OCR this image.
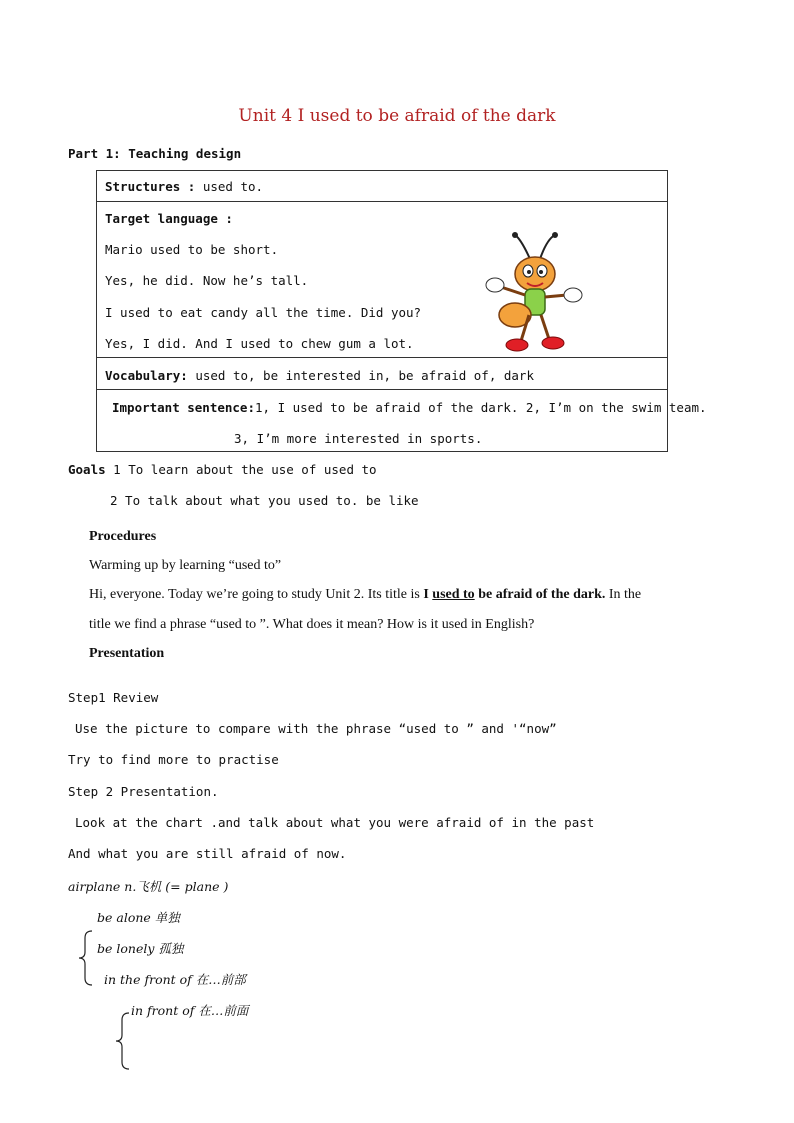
Unit 4 I used to be afraid of the dark
Part 1: Teaching design
Structures : used to.
Target language :
Mario used to be short.
Yes, he did. Now he’s tall.
I used to eat candy all the time. Did you?
Yes, I did. And I used to chew gum a lot.
Vocabulary: used to, be interested in, be afraid of, dark
Important sentence:1, I used to be afraid of the dark. 2, I’m on the swim team.
3, I’m more interested in sports.
Goals 1 To learn about the use of used to
2 To talk about what you used to. be like
Procedures
Warming up by learning “used to”
Hi, everyone. Today we’re going to study Unit 2. Its title is I used to be afraid of the dark. In the
title we find a phrase “used to ”. What does it mean? How is it used in English?
Presentation
Step1 Review
Use the picture to compare with the phrase “used to ” and '“now”
Try to find more to practise
Step 2 Presentation.
Look at the chart .and talk about what you were afraid of in the past
And what you are still afraid of now.
airplane n.飞机 (= plane )
be alone 单独
be lonely 孤独
in the front of 在…前部
in front of 在…前面
